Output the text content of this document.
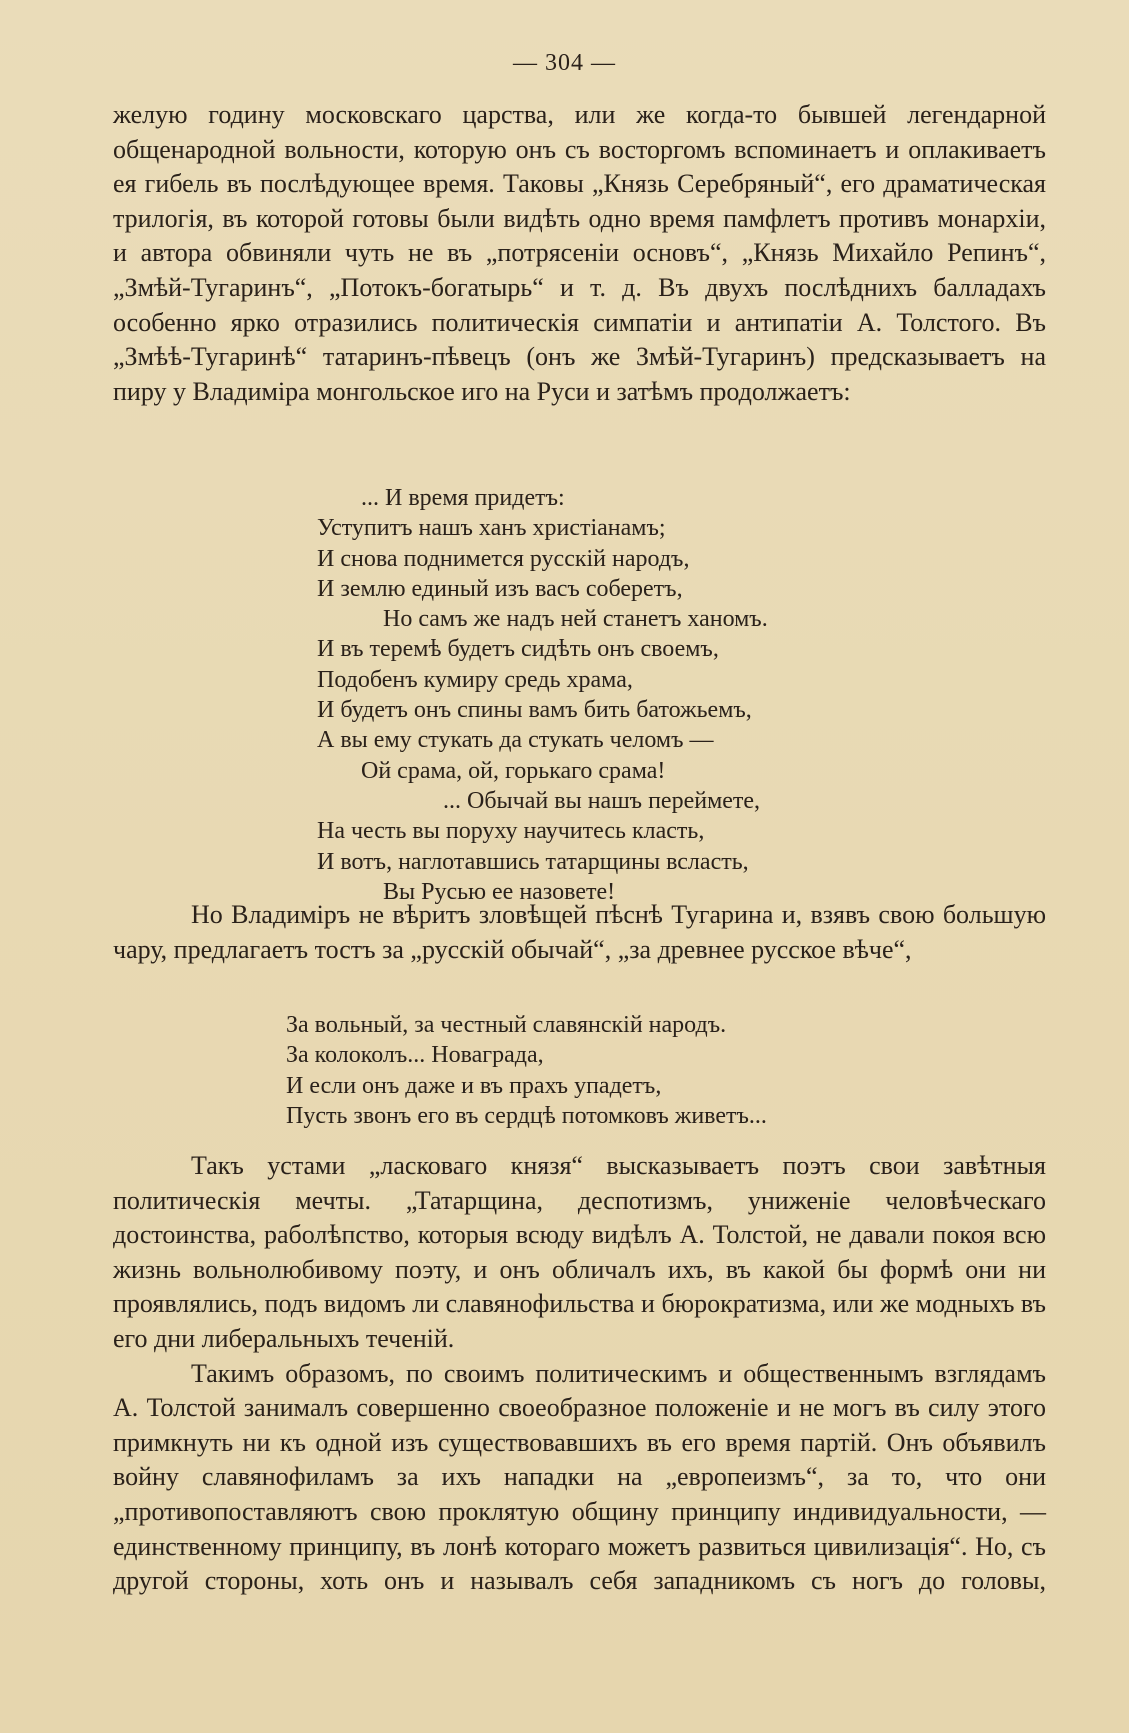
— 304 —

желую годину московскаго царства, или же когда-то бывшей легендарной общенародной вольности, которую онъ съ восторгомъ вспоминаетъ и оплакиваетъ ея гибель въ послѣдующее время. Таковы „Князь Серебряный“, его драматическая трилогія, въ которой готовы были видѣть одно время памфлетъ противъ монархіи, и автора обвиняли чуть не въ „потрясеніи основъ“, „Князь Михайло Репинъ“, „Змѣй-Тугаринъ“, „Потокъ-богатырь“ и т. д. Въ двухъ послѣднихъ балладахъ особенно ярко отразились политическія симпатіи и антипатіи А. Толстого. Въ „Змѣѣ-Тугаринѣ“ татаринъ-пѣвецъ (онъ же Змѣй-Тугаринъ) предсказываетъ на пиру у Владиміра монгольское иго на Руси и затѣмъ продолжаетъ:

... И время придетъ:
Уступитъ нашъ ханъ христіанамъ;
И снова поднимется русскій народъ,
И землю единый изъ васъ соберетъ,
Но самъ же надъ ней станетъ ханомъ.
И въ теремѣ будетъ сидѣть онъ своемъ,
Подобенъ кумиру средь храма,
И будетъ онъ спины вамъ бить батожьемъ,
А вы ему стукать да стукать челомъ —
Ой срама, ой, горькаго срама!
... Обычай вы нашъ переймете,
На честь вы поруху научитесь класть,
И вотъ, наглотавшись татарщины всласть,
Вы Русью ее назовете!

Но Владиміръ не вѣритъ зловѣщей пѣснѣ Тугарина и, взявъ свою большую чару, предлагаетъ тостъ за „русскій обычай“, „за древнее русское вѣче“,

За вольный, за честный славянскій народъ.
За колоколъ... Новаграда,
И если онъ даже и въ прахъ упадетъ,
Пусть звонъ его въ сердцѣ потомковъ живетъ...

Такъ устами „ласковаго князя“ высказываетъ поэтъ свои завѣтныя политическія мечты. „Татарщина, деспотизмъ, униженіе человѣческаго достоинства, раболѣпство, которыя всюду видѣлъ А. Толстой, не давали покоя всю жизнь вольнолюбивому поэту, и онъ обличалъ ихъ, въ какой бы формѣ они ни проявлялись, подъ видомъ ли славянофильства и бюрократизма, или же модныхъ въ его дни либеральныхъ теченій.

Такимъ образомъ, по своимъ политическимъ и общественнымъ взглядамъ А. Толстой занималъ совершенно своеобразное положеніе и не могъ въ силу этого примкнуть ни къ одной изъ существовавшихъ въ его время партій. Онъ объявилъ войну славянофиламъ за ихъ нападки на „европеизмъ“, за то, что они „противопоставляютъ свою проклятую общину принципу индивидуальности, — единственному принципу, въ лонѣ котораго можетъ развиться цивилизація“. Но, съ другой стороны, хоть онъ и называлъ себя западникомъ съ ногъ до головы,
